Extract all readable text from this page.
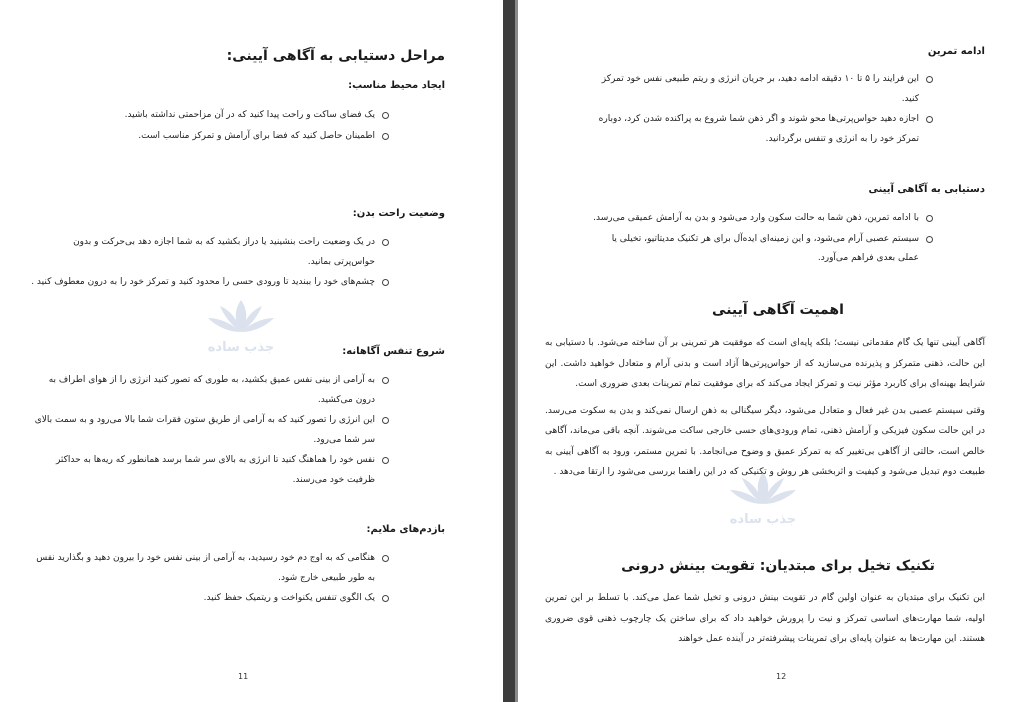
مراحل دستیابی به آگاهی آیینی:
ایجاد محیط مناسب:
یک فضای ساکت و راحت پیدا کنید که در آن مزاحمتی نداشته باشید.
اطمینان حاصل کنید که فضا برای آرامش و تمرکز مناسب است.
وضعیت راحت بدن:
در یک وضعیت راحت بنشینید یا دراز بکشید که به شما اجازه دهد بی‌حرکت و بدون حواس‌پرتی بمانید.
چشم‌های خود را ببندید تا ورودی حسی را محدود کنید و تمرکز خود را به درون معطوف کنید .
جذب ساده	شروع تنفس آگاهانه:
به آرامی از بینی نفس عمیق بکشید، به طوری که تصور کنید انرژی را از هوای اطراف به درون می‌کشید.
این انرژی را تصور کنید که به آرامی از طریق ستون فقرات شما بالا می‌رود و به سمت بالای سر شما می‌رود.
نفس خود را هماهنگ کنید تا انرژی به بالای سر شما برسد همانطور که ریه‌ها به حداکثر ظرفیت خود می‌رسند.
بازدم‌های ملایم:
هنگامی که به اوج دم خود رسیدید، به آرامی از بینی نفس خود را بیرون دهید و بگذارید نفس به طور طبیعی خارج شود.
یک الگوی تنفس یکنواخت و ریتمیک حفظ کنید.
11
ادامه تمرین
این فرایند را ۵ تا ۱۰ دقیقه ادامه دهید، بر جریان انرژی و ریتم طبیعی نفس خود تمرکز کنید.
اجازه دهید حواس‌پرتی‌ها محو شوند و اگر ذهن شما شروع به پراکنده شدن کرد، دوباره تمرکز خود را به انرژی و تنفس برگردانید.
دستیابی به آگاهی آیینی
با ادامه تمرین، ذهن شما به حالت سکون وارد می‌شود و بدن به آرامش عمیقی می‌رسد.
سیستم عصبی آرام می‌شود، و این زمینه‌ای ایده‌آل برای هر تکنیک مدیتاتیو، تخیلی یا عملی بعدی فراهم می‌آورد.
اهمیت آگاهی آیینی

آگاهی آیینی تنها یک گام مقدماتی نیست؛ بلکه پایه‌ای است که موفقیت هر تمرینی بر آن ساخته می‌شود. با دستیابی به این حالت، ذهنی متمرکز و پذیرنده می‌سازید که از حواس‌پرتی‌ها آزاد است و بدنی آرام و متعادل خواهید داشت. این شرایط بهینه‌ای برای کاربرد مؤثر نیت و تمرکز ایجاد می‌کند که برای موفقیت تمام تمرینات بعدی ضروری است.

وقتی سیستم عصبی بدن غیر فعال و متعادل می‌شود، دیگر سیگنالی به ذهن ارسال نمی‌کند و بدن به سکوت می‌رسد. در این حالت سکون فیزیکی و آرامش ذهنی، تمام ورودی‌های حسی خارجی ساکت می‌شوند. آنچه باقی می‌ماند، آگاهی خالص است، حالتی از آگاهی بی‌تغییر که به تمرکز عمیق و وضوح می‌انجامد. با تمرین مستمر، ورود به آگاهی آیینی به طبیعت دوم تبدیل می‌شود و کیفیت و اثربخشی هر روش و تکنیکی که در این راهنما بررسی می‌شود را ارتقا می‌دهد .

جذب ساده
تکنیک تخیل برای مبتدیان: تقویت بینش درونی

این تکنیک برای مبتدیان به عنوان اولین گام در تقویت بینش درونی و تخیل شما عمل می‌کند. با تسلط بر این تمرین اولیه، شما مهارت‌های اساسی تمرکز و نیت را پرورش خواهید داد که برای ساختن یک چارچوب ذهنی قوی ضروری هستند. این مهارت‌ها به عنوان پایه‌ای برای تمرینات پیشرفته‌تر در آینده عمل خواهند

12
